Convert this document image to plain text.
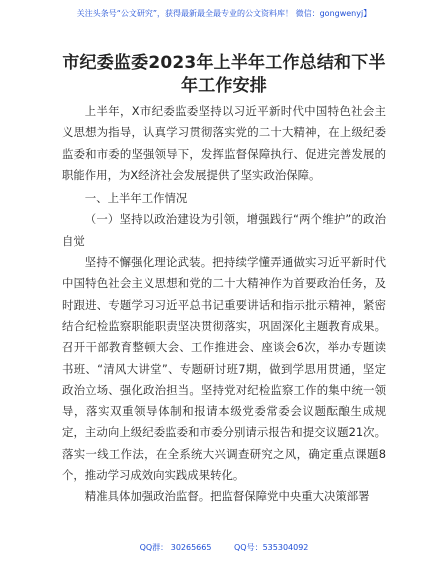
关注头条号“公文研究”，获得最新最全最专业的公文资料库！ 微信：gongwenyj】
市纪委监委2023年上半年工作总结和下半年工作安排

上半年，X市纪委监委坚持以习近平新时代中国特色社会主义思想为指导，认真学习贯彻落实党的二十大精神，在上级纪委监委和市委的坚强领导下，发挥监督保障执行、促进完善发展的职能作用，为X经济社会发展提供了坚实政治保障。

一、上半年工作情况

（一）坚持以政治建设为引领，增强践行“两个维护”的政治自觉

坚持不懈强化理论武装。把持续学懂弄通做实习近平新时代中国特色社会主义思想和党的二十大精神作为首要政治任务，及时跟进、专题学习习近平总书记重要讲话和指示批示精神，紧密结合纪检监察职能职责坚决贯彻落实，巩固深化主题教育成果。召开干部教育整顿大会、工作推进会、座谈会6次，举办专题读书班、“清风大讲堂”、专题研讨班7期，做到学思用贯通，坚定政治立场、强化政治担当。坚持党对纪检监察工作的集中统一领导，落实双重领导体制和报请本级党委常委会议题酝酿生成规定，主动向上级纪委监委和市委分别请示报告和提交议题21次。落实一线工作法，在全系统大兴调查研究之风，确定重点课题8个，推动学习成效向实践成果转化。

精准具体加强政治监督。把监督保障党中央重大决策部署

QQ群： 30265665	QQ号：535304092
